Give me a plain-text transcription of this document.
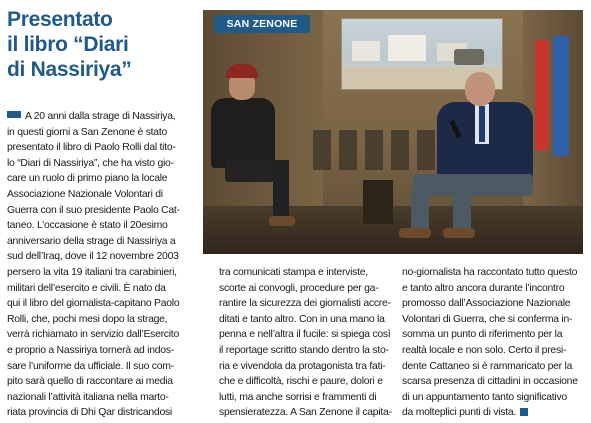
Presentato
il libro “Diari
di Nassiriya”
SAN ZENONE
A 20 anni dalla strage di Nassiriya,
in questi giorni a San Zenone è stato
presentato il libro di Paolo Rolli dal tito-
lo “Diari di Nassiriya”, che ha visto gio-
care un ruolo di primo piano la locale
Associazione Nazionale Volontari di
Guerra con il suo presidente Paolo Cat-
taneo. L’occasione è stato il 20esimo
anniversario della strage di Nassiriya a
sud dell’Iraq, dove il 12 novembre 2003
persero la vita 19 italiani tra carabinieri,
militari dell’esercito e civili. È nato da
qui il libro del giornalista-capitano Paolo
Rolli, che, pochi mesi dopo la strage,
verrà richiamato in servizio dall’Esercito
e proprio a Nassiriya tornerà ad indos-
sare l’uniforme da ufficiale. Il suo com-
pito sarà quello di raccontare ai media
nazionali l’attività italiana nella marto-
riata provincia di Dhi Qar districandosi
tra comunicati stampa e interviste,
scorte ai convogli, procedure per ga-
rantire la sicurezza dei giornalisti accre-
ditati e tanto altro. Con in una mano la
penna e nell’altra il fucile: si spiega così
il reportage scritto stando dentro la sto-
ria e vivendola da protagonista tra fati-
che e difficoltà, rischi e paure, dolori e
lutti, ma anche sorrisi e frammenti di
spensieratezza. A San Zenone il capita-
no-giornalista ha raccontato tutto questo
e tanto altro ancora durante l’incontro
promosso dall’Associazione Nazionale
Volontari di Guerra, che si conferma in-
somma un punto di riferimento per la
realtà locale e non solo. Certo il presi-
dente Cattaneo si è rammaricato per la
scarsa presenza di cittadini in occasione
di un appuntamento tanto significativo
da molteplici punti di vista.
